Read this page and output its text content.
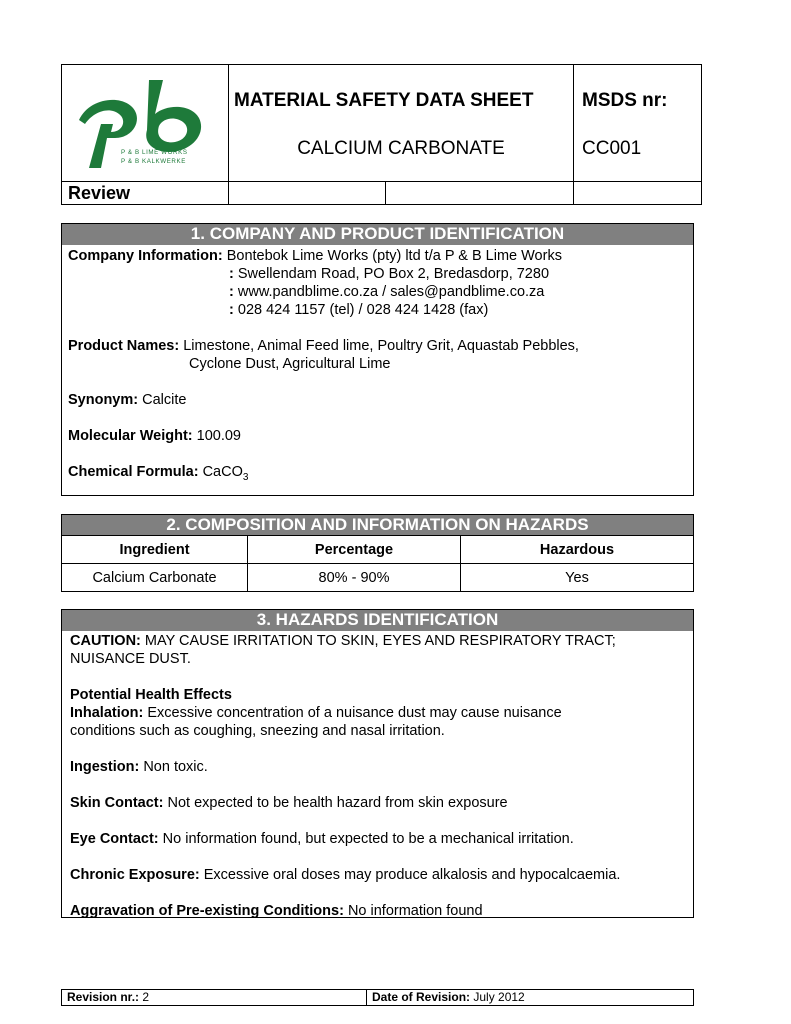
P & B LIME WORKS
P & B KALKWERKE
MATERIAL SAFETY DATA SHEET
CALCIUM CARBONATE
MSDS nr:
CC001
Review
1. COMPANY AND PRODUCT IDENTIFICATION
Company Information: Bontebok Lime Works (pty) ltd t/a P & B Lime Works
: Swellendam Road, PO Box 2, Bredasdorp, 7280
: www.pandblime.co.za / sales@pandblime.co.za
: 028 424 1157 (tel) / 028 424 1428 (fax)
Product Names: Limestone, Animal Feed lime, Poultry Grit, Aquastab Pebbles,
Cyclone Dust, Agricultural Lime
Synonym: Calcite
Molecular Weight: 100.09
Chemical Formula: CaCO$_3$
2. COMPOSITION AND INFORMATION ON HAZARDS
Ingredient	Percentage	Hazardous
Calcium Carbonate	80% - 90%	Yes
3. HAZARDS IDENTIFICATION
CAUTION: MAY CAUSE IRRITATION TO SKIN, EYES AND RESPIRATORY TRACT;
NUISANCE DUST.
Potential Health Effects
Inhalation: Excessive concentration of a nuisance dust may cause nuisance
conditions such as coughing, sneezing and nasal irritation.
Ingestion: Non toxic.
Skin Contact: Not expected to be health hazard from skin exposure
Eye Contact: No information found, but expected to be a mechanical irritation.
Chronic Exposure: Excessive oral doses may produce alkalosis and hypocalcaemia.
Aggravation of Pre-existing Conditions: No information found
Revision nr.: 2	Date of Revision: July 2012
